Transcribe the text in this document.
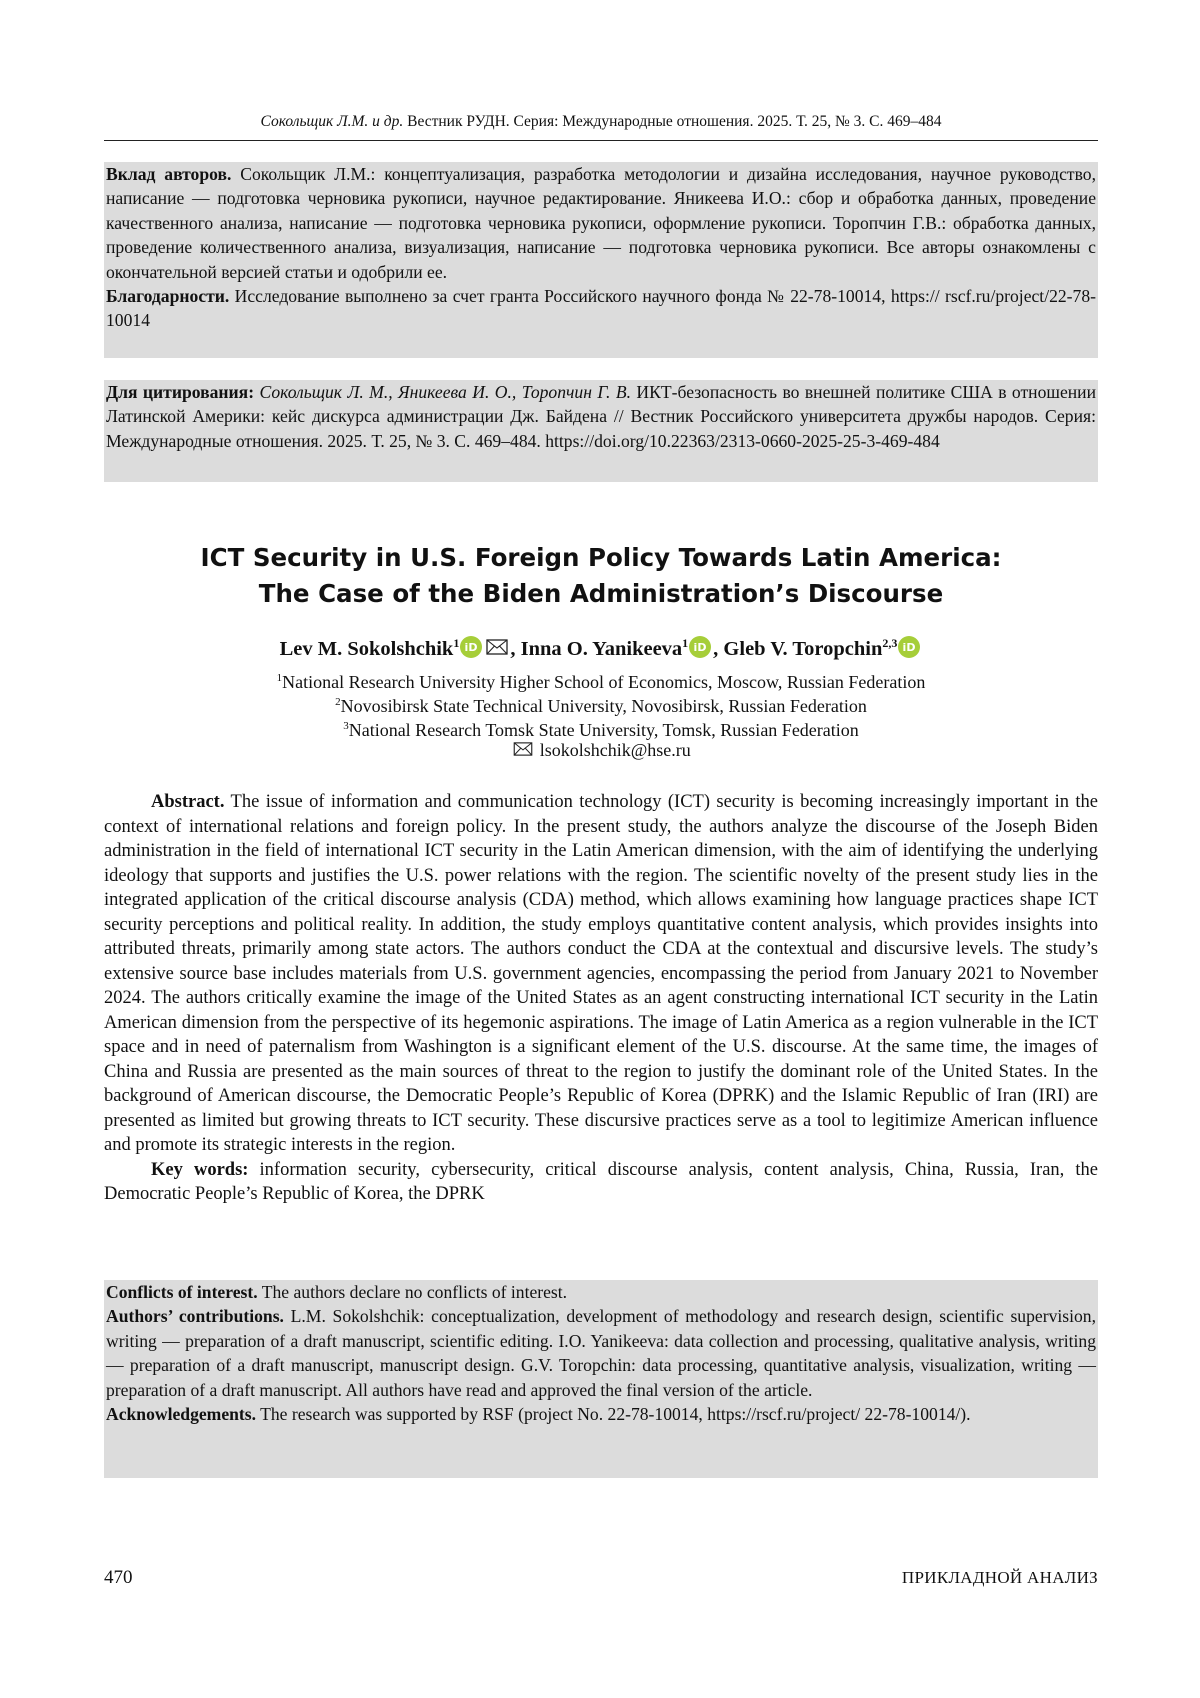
Сокольщик Л.М. и др. Вестник РУДН. Серия: Международные отношения. 2025. Т. 25, № 3. С. 469–484

Вклад авторов. Сокольщик Л.М.: концептуализация, разработка методологии и дизайна исследования, научное руководство, написание — подготовка черновика рукописи, научное редактирование. Яникеева И.О.: сбор и обработка данных, проведение качественного анализа, написание — подготовка черновика рукописи, оформление рукописи. Торопчин Г.В.: обработка данных, проведение количественного анализа, визуализация, написание — подготовка черновика рукописи. Все авторы ознакомлены с окончательной версией статьи и одобрили ее.

Благодарности. Исследование выполнено за счет гранта Российского научного фонда № 22-78-10014, https:// rscf.ru/project/22-78-10014

Для цитирования: Сокольщик Л. М., Яникеева И. О., Торопчин Г. В. ИКТ-безопасность во внешней политике США в отношении Латинской Америки: кейс дискурса администрации Дж. Байдена // Вестник Российского университета дружбы народов. Серия: Международные отношения. 2025. Т. 25, № 3. С. 469–484. https://doi.org/10.22363/2313-0660-2025-25-3-469-484

ICT Security in U.S. Foreign Policy Towards Latin America:
The Case of the Biden Administration’s Discourse
Lev M. Sokolshchik1 iD , Inna O. Yanikeeva1 iD , Gleb V. Toropchin2,3 iD
1National Research University Higher School of Economics, Moscow, Russian Federation
2Novosibirsk State Technical University, Novosibirsk, Russian Federation
3National Research Tomsk State University, Tomsk, Russian Federation
lsokolshchik@hse.ru

Abstract. The issue of information and communication technology (ICT) security is becoming increasingly important in the context of international relations and foreign policy. In the present study, the authors analyze the discourse of the Joseph Biden administration in the field of international ICT security in the Latin American dimension, with the aim of identifying the underlying ideology that supports and justifies the U.S. power relations with the region. The scientific novelty of the present study lies in the integrated application of the critical discourse analysis (CDA) method, which allows examining how language practices shape ICT security perceptions and political reality. In addition, the study employs quantitative content analysis, which provides insights into attributed threats, primarily among state actors. The authors conduct the CDA at the contextual and discursive levels. The study’s extensive source base includes materials from U.S. government agencies, encompassing the period from January 2021 to November 2024. The authors critically examine the image of the United States as an agent constructing international ICT security in the Latin American dimension from the perspective of its hegemonic aspirations. The image of Latin America as a region vulnerable in the ICT space and in need of paternalism from Washington is a significant element of the U.S. discourse. At the same time, the images of China and Russia are presented as the main sources of threat to the region to justify the dominant role of the United States. In the background of American discourse, the Democratic People’s Republic of Korea (DPRK) and the Islamic Republic of Iran (IRI) are presented as limited but growing threats to ICT security. These discursive practices serve as a tool to legitimize American influence and promote its strategic interests in the region.

Key words: information security, cybersecurity, critical discourse analysis, content analysis, China, Russia, Iran, the Democratic People’s Republic of Korea, the DPRK

Conflicts of interest. The authors declare no conflicts of interest.

Authors’ contributions. L.M. Sokolshchik: conceptualization, development of methodology and research design, scientific supervision, writing — preparation of a draft manuscript, scientific editing. I.O. Yanikeeva: data collection and processing, qualitative analysis, writing — preparation of a draft manuscript, manuscript design. G.V. Toropchin: data processing, quantitative analysis, visualization, writing — preparation of a draft manuscript. All authors have read and approved the final version of the article.

Acknowledgements. The research was supported by RSF (project No. 22-78-10014, https://rscf.ru/project/ 22-78-10014/).

470	ПРИКЛАДНОЙ АНАЛИЗ
